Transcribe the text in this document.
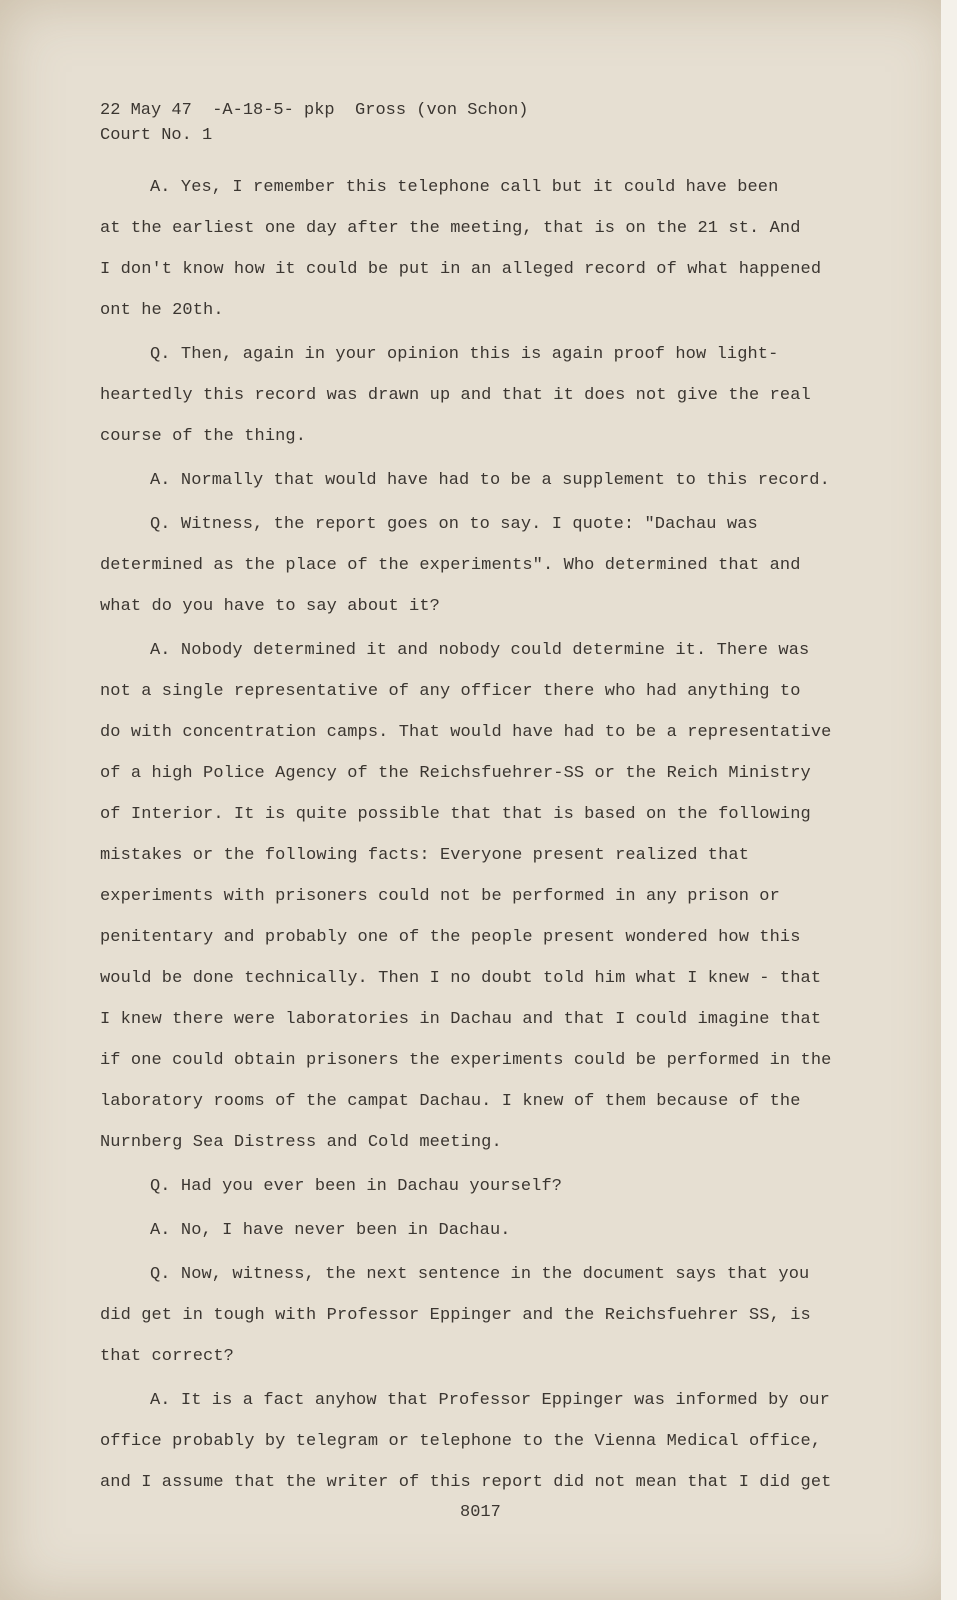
22 May 47  -A-18-5- pkp  Gross (von Schon)
Court No. 1
A. Yes, I remember this telephone call but it could have been
at the earliest one day after the meeting, that is on the 21 st. And
I don't know how it could be put in an alleged record of what happened
ont he 20th.
Q. Then, again in your opinion this is again proof how light-
heartedly this record was drawn up and that it does not give the real
course of the thing.
A. Normally that would have had to be a supplement to this record.
Q. Witness, the report goes on to say. I quote: "Dachau was
determined as the place of the experiments". Who determined that and
what do you have to say about it?
A. Nobody determined it and nobody could determine it. There was
not a single representative of any officer there who had anything to
do with concentration camps. That would have had to be a representative
of a high Police Agency of the Reichsfuehrer-SS or the Reich Ministry
of Interior. It is quite possible that that is based on the following
mistakes or the following facts: Everyone present realized that
experiments with prisoners could not be performed in any prison or
penitentary and probably one of the people present wondered how this
would be done technically. Then I no doubt told him what I knew - that
I knew there were laboratories in Dachau and that I could imagine that
if one could obtain prisoners the experiments could be performed in the
laboratory rooms of the campat Dachau. I knew of them because of the
Nurnberg Sea Distress and Cold meeting.
Q. Had you ever been in Dachau yourself?
A. No, I have never been in Dachau.
Q. Now, witness, the next sentence in the document says that you
did get in tough with Professor Eppinger and the Reichsfuehrer SS, is
that correct?
A. It is a fact anyhow that Professor Eppinger was informed by our
office probably by telegram or telephone to the Vienna Medical office,
and I assume that the writer of this report did not mean that I did get
8017
